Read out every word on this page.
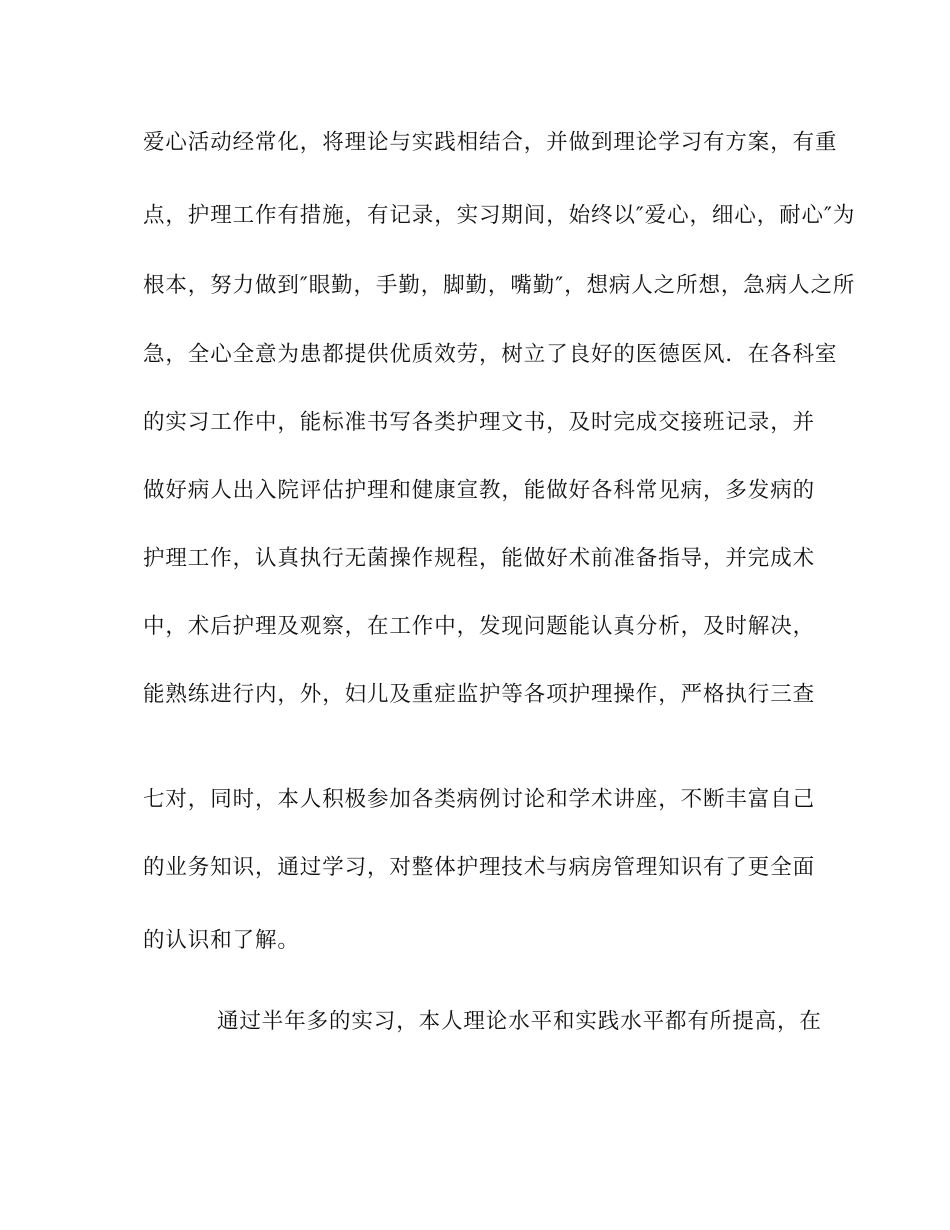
爱心活动经常化，将理论与实践相结合，并做到理论学习有方案，有重
点，护理工作有措施，有记录，实习期间，始终以″爱心，细心，耐心″为
根本，努力做到″眼勤，手勤，脚勤，嘴勤″，想病人之所想，急病人之所
急，全心全意为患都提供优质效劳，树立了良好的医德医风．在各科室
的实习工作中，能标准书写各类护理文书，及时完成交接班记录，并
做好病人出入院评估护理和健康宣教，能做好各科常见病，多发病的
护理工作，认真执行无菌操作规程，能做好术前准备指导，并完成术
中，术后护理及观察，在工作中，发现问题能认真分析，及时解决，
能熟练进行内，外，妇儿及重症监护等各项护理操作，严格执行三查
七对，同时，本人积极参加各类病例讨论和学术讲座，不断丰富自己
的业务知识，通过学习，对整体护理技术与病房管理知识有了更全面
的认识和了解。
通过半年多的实习，本人理论水平和实践水平都有所提高，在
